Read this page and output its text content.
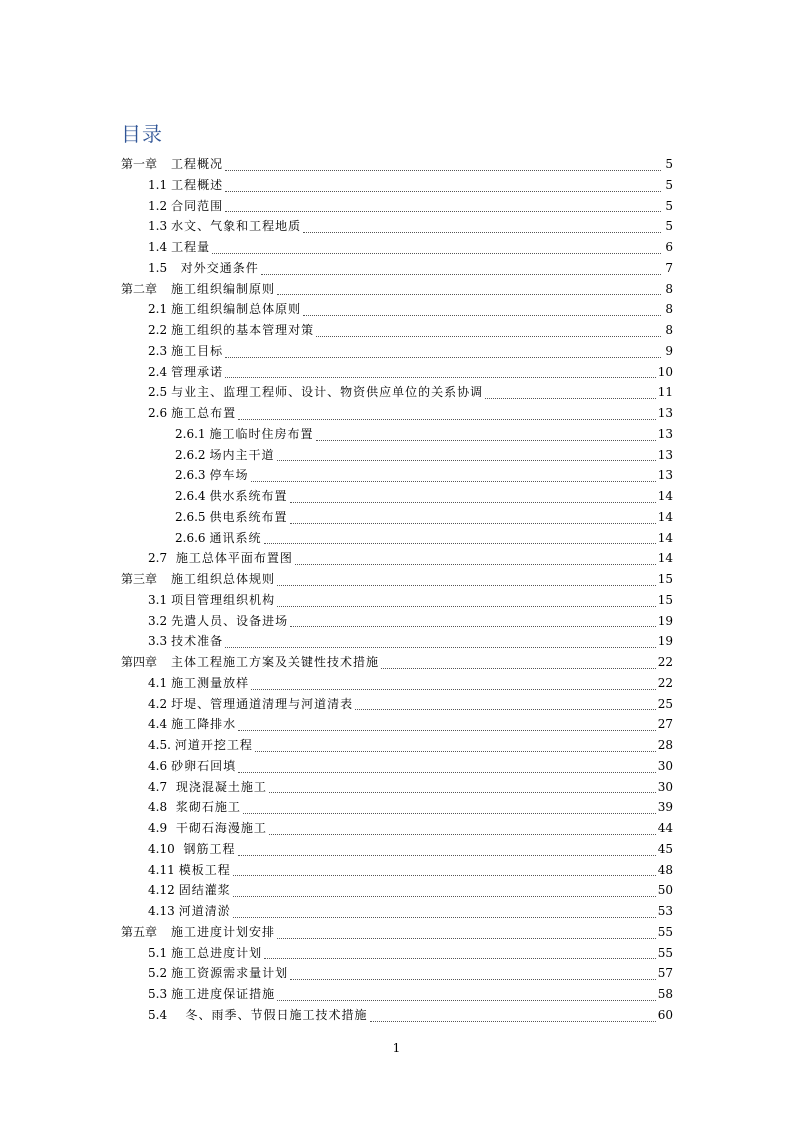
目录
第一章	工程概况	5
1.1 工程概述	5
1.2 合同范围	5
1.3 水文、气象和工程地质	5
1.4 工程量	6
1.5 对外交通条件	7
第二章	施工组织编制原则	8
2.1 施工组织编制总体原则	8
2.2 施工组织的基本管理对策	8
2.3 施工目标	9
2.4 管理承诺	10
2.5 与业主、监理工程师、设计、物资供应单位的关系协调	11
2.6 施工总布置	13
2.6.1 施工临时住房布置	13
2.6.2 场内主干道	13
2.6.3 停车场	13
2.6.4 供水系统布置	14
2.6.5 供电系统布置	14
2.6.6 通讯系统	14
2.7 施工总体平面布置图	14
第三章	施工组织总体规则	15
3.1 项目管理组织机构	15
3.2 先遣人员、设备进场	19
3.3 技术准备	19
第四章	主体工程施工方案及关键性技术措施	22
4.1 施工测量放样	22
4.2 圩堤、管理通道清理与河道清表	25
4.4 施工降排水	27
4.5. 河道开挖工程	28
4.6 砂卵石回填	30
4.7 现浇混凝土施工	30
4.8 浆砌石施工	39
4.9 干砌石海漫施工	44
4.10 钢筋工程	45
4.11 模板工程	48
4.12 固结灌浆	50
4.13 河道清淤	53
第五章	施工进度计划安排	55
5.1 施工总进度计划	55
5.2 施工资源需求量计划	57
5.3 施工进度保证措施	58
5.4 冬、雨季、节假日施工技术措施	60
1
